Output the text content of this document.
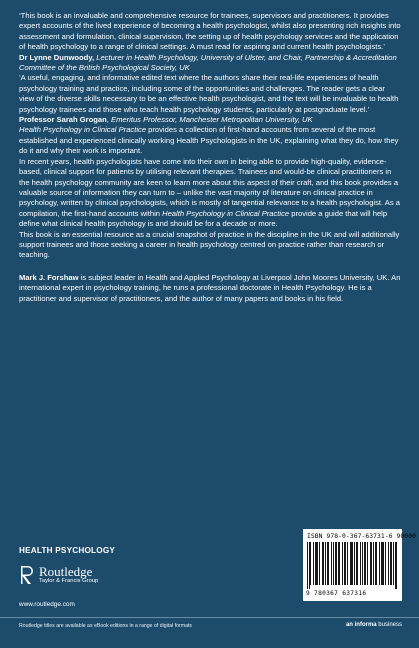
‘This book is an invaluable and comprehensive resource for trainees, supervisors and practitioners. It provides expert accounts of the lived experience of becoming a health psychologist, whilst also presenting rich insights into assessment and formulation, clinical supervision, the setting up of health psychology services and the application of health psychology to a range of clinical settings. A must read for aspiring and current health psychologists.’

Dr Lynne Dunwoody, Lecturer in Health Psychology, University of Ulster, and Chair, Partnership & Accreditation Committee of the British Psychological Society, UK

‘A useful, engaging, and informative edited text where the authors share their real-life experiences of health psychology training and practice, including some of the opportunities and challenges. The reader gets a clear view of the diverse skills necessary to be an effective health psychologist, and the text will be invaluable to health psychology trainees and those who teach health psychology students, particularly at postgraduate level.’

Professor Sarah Grogan, Emeritus Professor, Manchester Metropolitan University, UK

Health Psychology in Clinical Practice provides a collection of first-hand accounts from several of the most established and experienced clinically working Health Psychologists in the UK, explaining what they do, how they do it and why their work is important.

In recent years, health psychologists have come into their own in being able to provide high-quality, evidence-based, clinical support for patients by utilising relevant therapies. Trainees and would-be clinical practitioners in the health psychology community are keen to learn more about this aspect of their craft, and this book provides a valuable source of information they can turn to – unlike the vast majority of literature on clinical practice in psychology, written by clinical psychologists, which is mostly of tangential relevance to a health psychologist. As a compilation, the first-hand accounts within Health Psychology in Clinical Practice provide a guide that will help define what clinical health psychology is and should be for a decade or more.

This book is an essential resource as a crucial snapshot of practice in the discipline in the UK and will additionally support trainees and those seeking a career in health psychology centred on practice rather than research or teaching.

Mark J. Forshaw is subject leader in Health and Applied Psychology at Liverpool John Moores University, UK. An international expert in psychology training, he runs a professional doctorate in Health Psychology. He is a practitioner and supervisor of practitioners, and the author of many papers and books in his field.

HEALTH PSYCHOLOGY
Routledge
Taylor & Francis Group
www.routledge.com
ISBN 978-0-367-63731-6 90000
9 780367 637316
Routledge titles are available as eBook editions in a range of digital formats	an informa business
